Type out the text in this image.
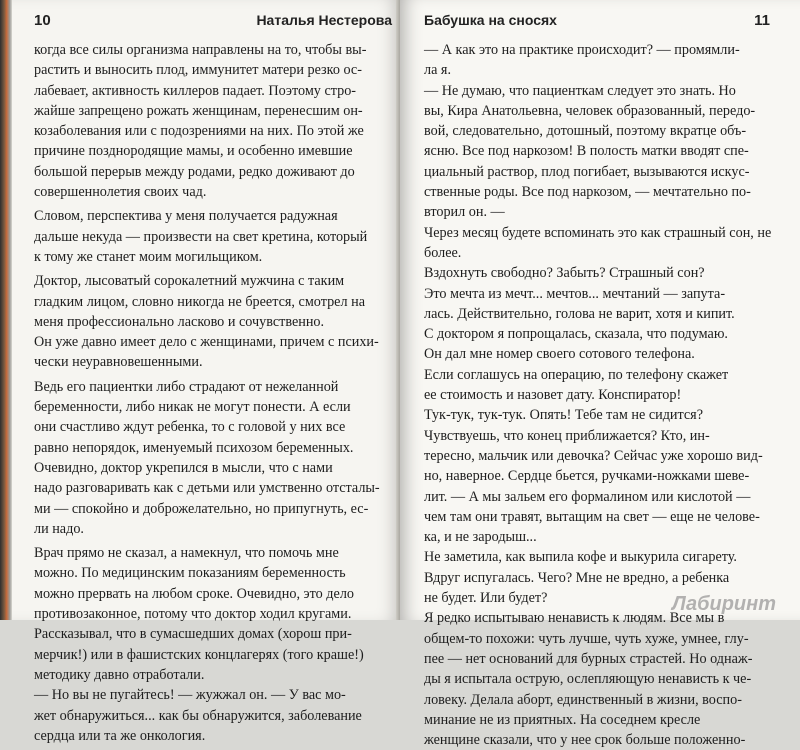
10	Наталья Нестерова
когда все силы организма направлены на то, чтобы вы-
растить и выносить плод, иммунитет матери резко ос-
лабевает, активность киллеров падает. Поэтому стро-
жайше запрещено рожать женщинам, перенесшим он-
козаболевания или с подозрениями на них. По этой же
причине позднородящие мамы, и особенно имевшие
большой перерыв между родами, редко доживают до
совершеннолетия своих чад.
Словом, перспектива у меня получается радужная
дальше некуда — произвести на свет кретина, который
к тому же станет моим могильщиком.
Доктор, лысоватый сорокалетний мужчина с таким
гладким лицом, словно никогда не бреется, смотрел на
меня профессионально ласково и сочувственно.
Он уже давно имеет дело с женщинами, причем с психи-
чески неуравновешенными.
Ведь его пациентки либо страдают от нежеланной
беременности, либо никак не могут понести. А если
они счастливо ждут ребенка, то с головой у них все
равно непорядок, именуемый психозом беременных.
Очевидно, доктор укрепился в мысли, что с нами
надо разговаривать как с детьми или умственно отсталы-
ми — спокойно и доброжелательно, но припугнуть, ес-
ли надо.
Врач прямо не сказал, а намекнул, что помочь мне
можно. По медицинским показаниям беременность
можно прервать на любом сроке. Очевидно, это дело
противозаконное, потому что доктор ходил кругами.
Рассказывал, что в сумасшедших домах (хорош при-
мерчик!) или в фашистских концлагерях (того краше!)
методику давно отработали.
— Но вы не пугайтесь! — жужжал он. — У вас мо-
жет обнаружиться... как бы обнаружится, заболевание
сердца или та же онкология.
Бабушка на сносях	11
— А как это на практике происходит? — промямли-
ла я.
— Не думаю, что пациенткам следует это знать. Но
вы, Кира Анатольевна, человек образованный, передо-
вой, следовательно, дотошный, поэтому вкратце объ-
ясню. Все под наркозом! В полость матки вводят спе-
циальный раствор, плод погибает, вызываются искус-
ственные роды. Все под наркозом, — мечтательно по-
вторил он. —
Через месяц будете вспоминать это как страшный сон, не
более.
Вздохнуть свободно? Забыть? Страшный сон?
Это мечта из мечт... мечтов... мечтаний — запута-
лась. Действительно, голова не варит, хотя и кипит.
С доктором я попрощалась, сказала, что подумаю.
Он дал мне номер своего сотового телефона.
Если соглашусь на операцию, по телефону скажет
ее стоимость и назовет дату. Конспиратор!
Тук-тук, тук-тук. Опять! Тебе там не сидится?
Чувствуешь, что конец приближается? Кто, ин-
тересно, мальчик или девочка? Сейчас уже хорошо вид-
но, наверное. Сердце бьется, ручками-ножками шеве-
лит. — А мы зальем его формалином или кислотой —
чем там они травят, вытащим на свет — еще не челове-
ка, и не зародыш...
Не заметила, как выпила кофе и выкурила сигарету.
Вдруг испугалась. Чего? Мне не вредно, а ребенка
не будет. Или будет?
Я редко испытываю ненависть к людям. Все мы в
общем-то похожи: чуть лучше, чуть хуже, умнее, глу-
пее — нет оснований для бурных страстей. Но однаж-
ды я испытала острую, ослепляющую ненависть к че-
ловеку. Делала аборт, единственный в жизни, воспо-
минание не из приятных. На соседнем кресле
женщине сказали, что у нее срок больше положенно-
Лабиринт
